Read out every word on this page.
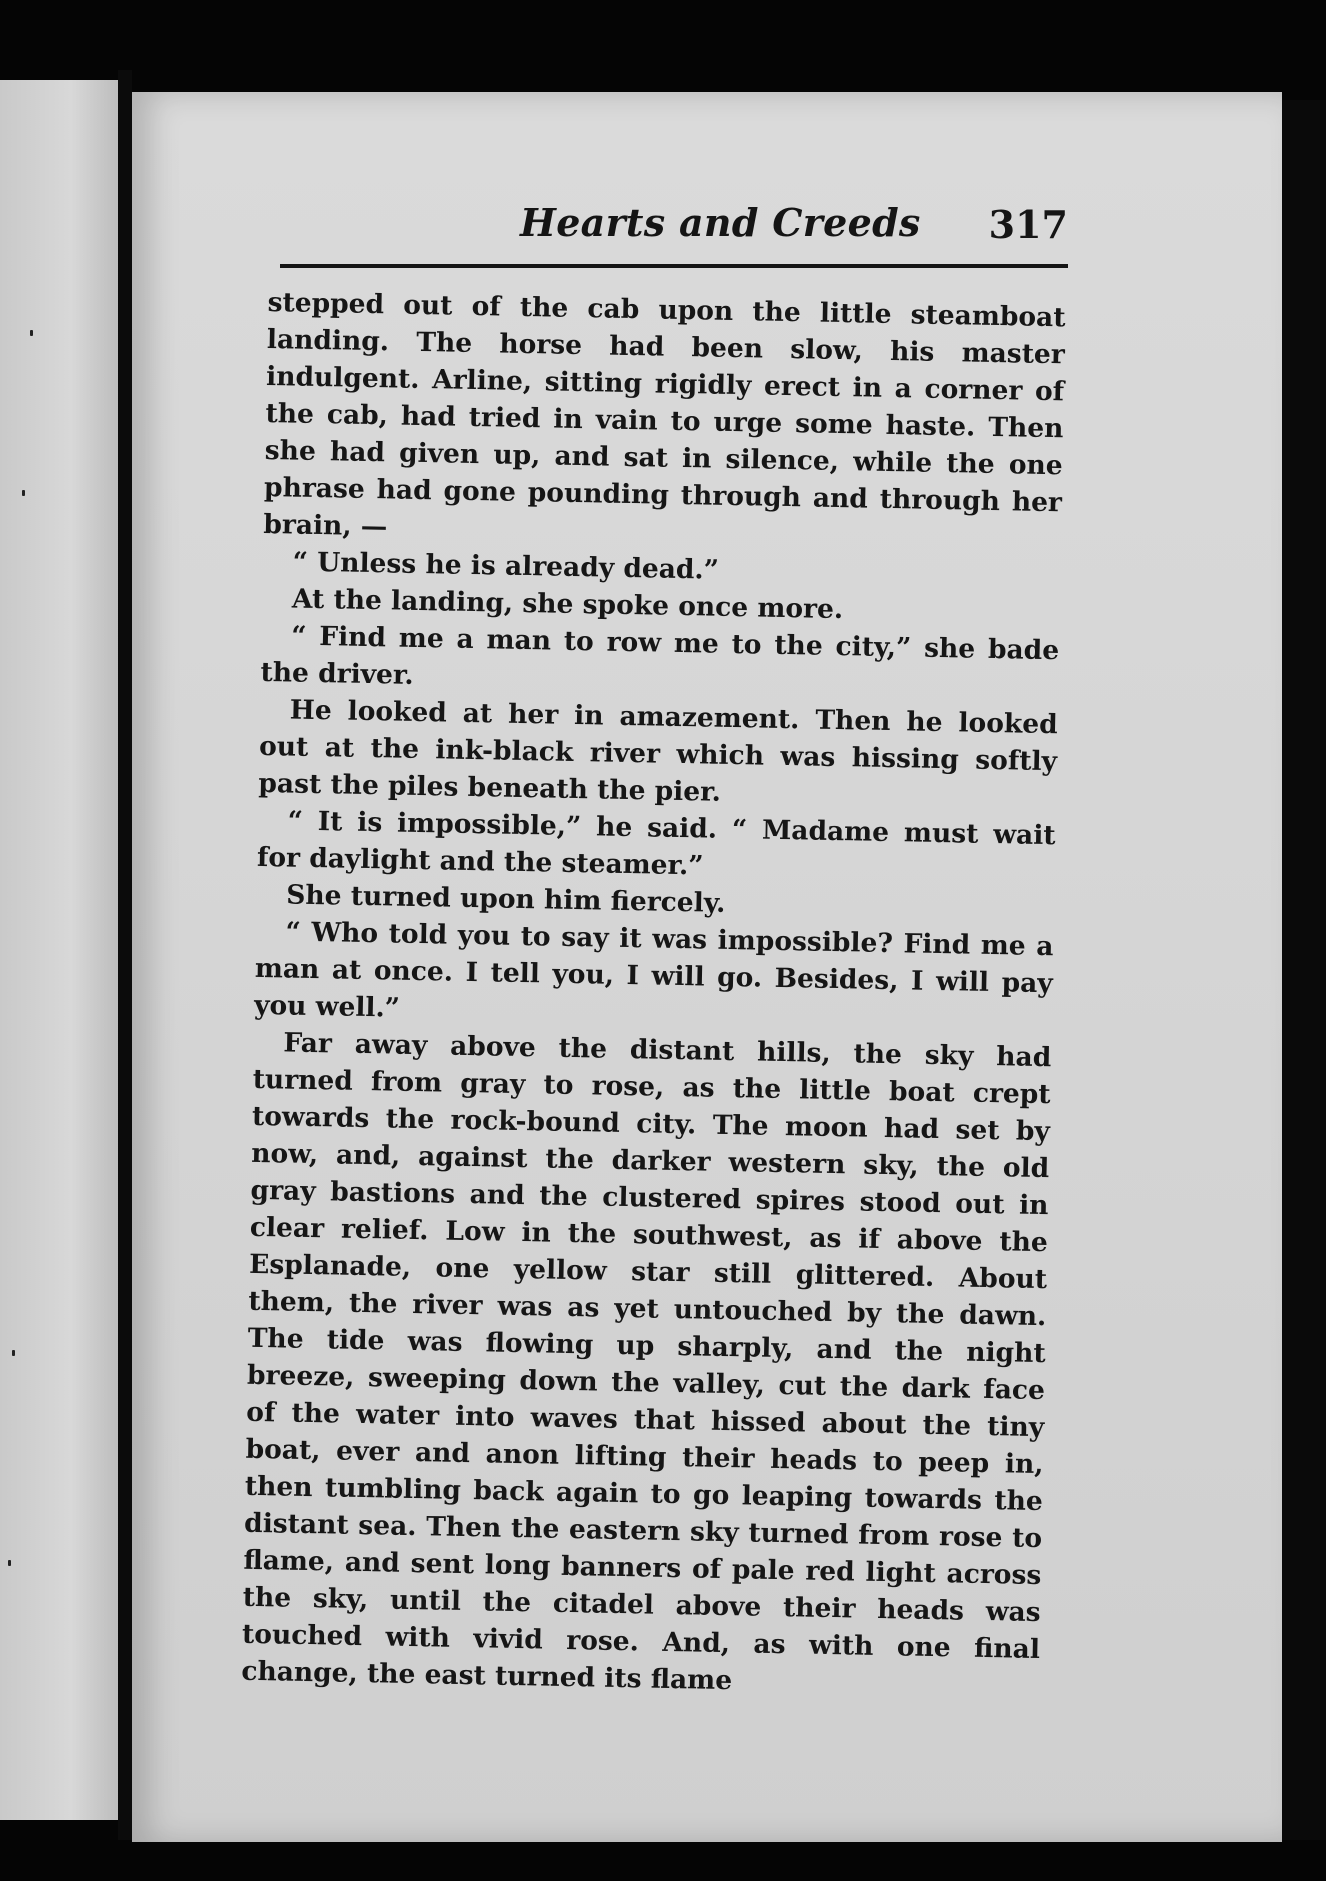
Hearts and Creeds 317

stepped out of the cab upon the little steamboat landing. The horse had been slow, his master indulgent. Arline, sitting rigidly erect in a corner of the cab, had tried in vain to urge some haste. Then she had given up, and sat in silence, while the one phrase had gone pounding through and through her brain, —

“ Unless he is already dead.”

At the landing, she spoke once more.

“ Find me a man to row me to the city,” she bade the driver.

He looked at her in amazement. Then he looked out at the ink-black river which was hissing softly past the piles beneath the pier.

“ It is impossible,” he said. “ Madame must wait for daylight and the steamer.”

She turned upon him fiercely.

“ Who told you to say it was impossible? Find me a man at once. I tell you, I will go. Besides, I will pay you well.”

Far away above the distant hills, the sky had turned from gray to rose, as the little boat crept towards the rock-bound city. The moon had set by now, and, against the darker western sky, the old gray bastions and the clustered spires stood out in clear relief. Low in the southwest, as if above the Esplanade, one yellow star still glittered. About them, the river was as yet untouched by the dawn. The tide was flowing up sharply, and the night breeze, sweeping down the valley, cut the dark face of the water into waves that hissed about the tiny boat, ever and anon lifting their heads to peep in, then tumbling back again to go leaping towards the distant sea. Then the eastern sky turned from rose to flame, and sent long banners of pale red light across the sky, until the citadel above their heads was touched with vivid rose. And, as with one final change, the east turned its flame
